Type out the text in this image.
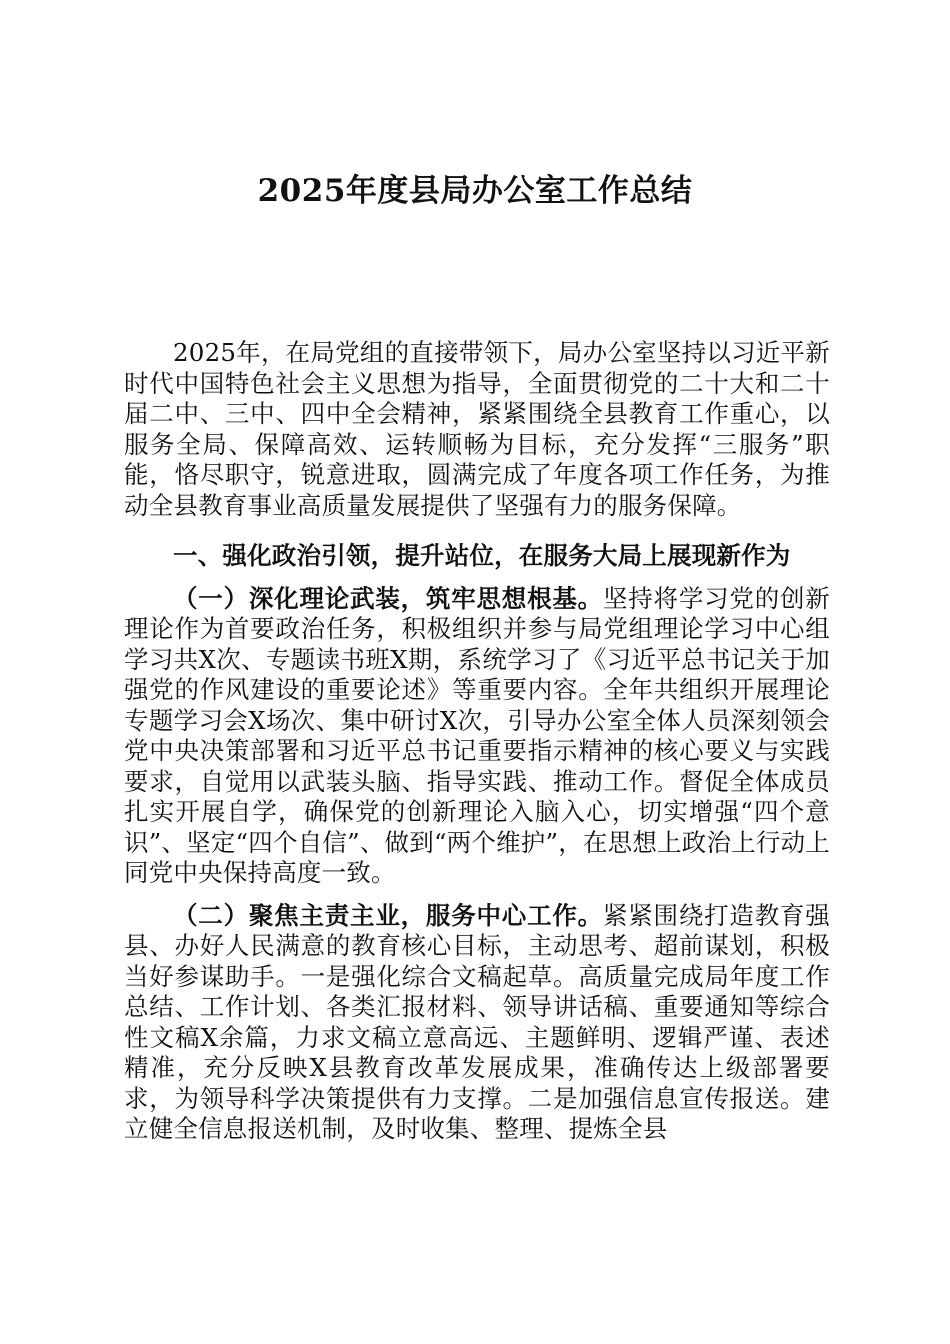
2025年度县局办公室工作总结

2025年，在局党组的直接带领下，局办公室坚持以习近平新时代中国特色社会主义思想为指导，全面贯彻党的二十大和二十届二中、三中、四中全会精神，紧紧围绕全县教育工作重心，以服务全局、保障高效、运转顺畅为目标，充分发挥“三服务”职能，恪尽职守，锐意进取，圆满完成了年度各项工作任务，为推动全县教育事业高质量发展提供了坚强有力的服务保障。

一、强化政治引领，提升站位，在服务大局上展现新作为

（一）深化理论武装，筑牢思想根基。坚持将学习党的创新理论作为首要政治任务，积极组织并参与局党组理论学习中心组学习共X次、专题读书班X期，系统学习了《习近平总书记关于加强党的作风建设的重要论述》等重要内容。全年共组织开展理论专题学习会X场次、集中研讨X次，引导办公室全体人员深刻领会党中央决策部署和习近平总书记重要指示精神的核心要义与实践要求，自觉用以武装头脑、指导实践、推动工作。督促全体成员扎实开展自学，确保党的创新理论入脑入心，切实增强“四个意识”、坚定“四个自信”、做到“两个维护”，在思想上政治上行动上同党中央保持高度一致。

（二）聚焦主责主业，服务中心工作。紧紧围绕打造教育强县、办好人民满意的教育核心目标，主动思考、超前谋划，积极当好参谋助手。一是强化综合文稿起草。高质量完成局年度工作总结、工作计划、各类汇报材料、领导讲话稿、重要通知等综合性文稿X余篇，力求文稿立意高远、主题鲜明、逻辑严谨、表述精准，充分反映X县教育改革发展成果，准确传达上级部署要求，为领导科学决策提供有力支撑。二是加强信息宣传报送。建立健全信息报送机制，及时收集、整理、提炼全县
